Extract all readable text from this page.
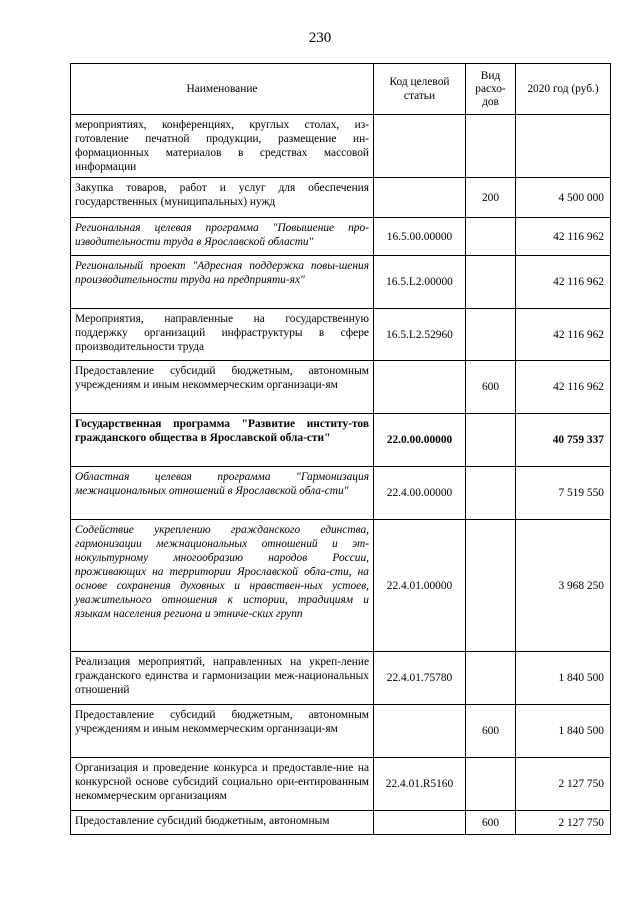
230
Наименование	Код целевой статьи	Вид расхо-дов	2020 год (руб.)
мероприятиях, конференциях, круглых столах, из-готовление печатной продукции, размещение ин-формационных материалов в средствах массовой информации			
Закупка товаров, работ и услуг для обеспечения государственных (муниципальных) нужд		200	4 500 000
Региональная целевая программа "Повышение про-изводительности труда в Ярославской области"	16.5.00.00000		42 116 962
Региональный проект "Адресная поддержка повы-шения производительности труда на предприяти-ях"	16.5.L2.00000		42 116 962
Мероприятия, направленные на государственную поддержку организаций инфраструктуры в сфере производительности труда	16.5.L2.52960		42 116 962
Предоставление субсидий бюджетным, автономным учреждениям и иным некоммерческим организаци-ям		600	42 116 962
Государственная программа "Развитие институ-тов гражданского общества в Ярославской обла-сти"	22.0.00.00000		40 759 337
Областная целевая программа "Гармонизация межнациональных отношений в Ярославской обла-сти"	22.4.00.00000		7 519 550
Содействие укреплению гражданского единства, гармонизации межнациональных отношений и эт-нокультурному многообразию народов России, проживающих на территории Ярославской обла-сти, на основе сохранения духовных и нравствен-ных устоев, уважительного отношения к истории, традициям и языкам населения региона и этниче-ских групп	22.4.01.00000		3 968 250
Реализация мероприятий, направленных на укреп-ление гражданского единства и гармонизации меж-национальных отношений	22.4.01.75780		1 840 500
Предоставление субсидий бюджетным, автономным учреждениям и иным некоммерческим организаци-ям		600	1 840 500
Организация и проведение конкурса и предоставле-ние на конкурсной основе субсидий социально ори-ентированным некоммерческим организациям	22.4.01.R5160		2 127 750
Предоставление субсидий бюджетным, автономным		600	2 127 750
